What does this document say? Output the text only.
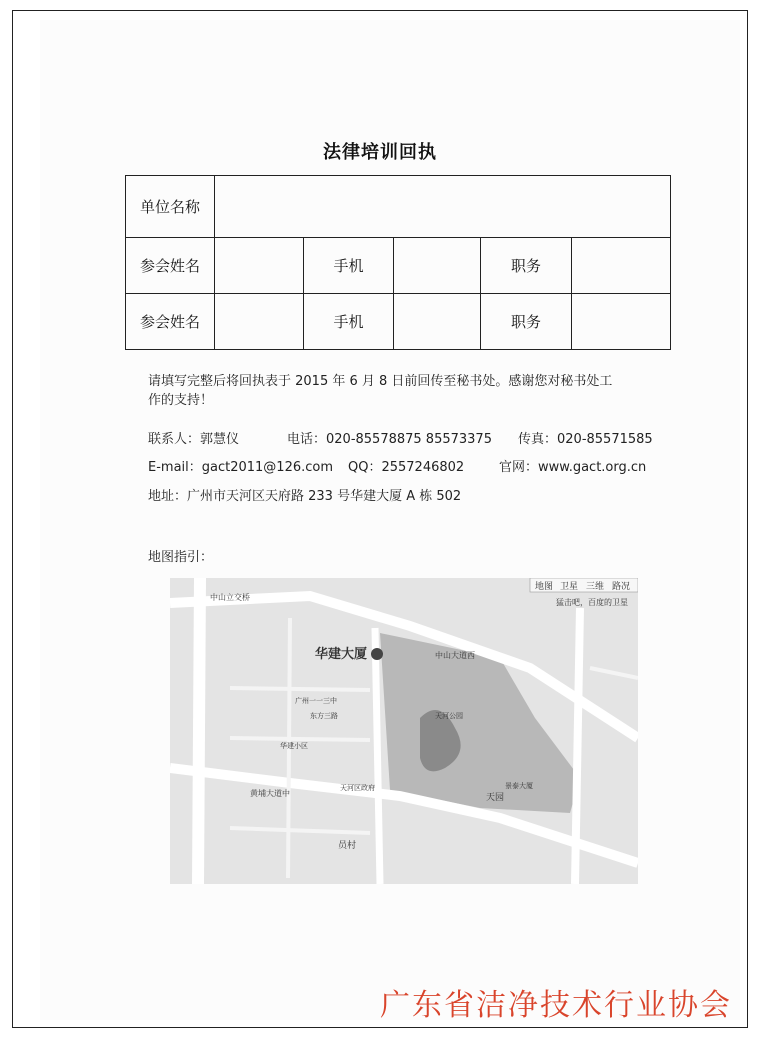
法律培训回执
单位名称					
参会姓名		手机		职务	
参会姓名		手机		职务	
请填写完整后将回执表于 2015 年 6 月 8 日前回传至秘书处。感谢您对秘书处工
作的支持！
联系人：郭慧仪	电话：020-85578875 85573375 传真：020-85571585
E-mail：gact2011@126.com QQ：2557246802	官网：www.gact.org.cn
地址：广州市天河区天府路 233 号华建大厦 A 栋 502
地图指引：
地图 卫星 三维 路况
猛击吧，百度的卫星
华建大厦	中山大道西
黄埔大道中
中山立交桥
天园
员村
华建小区
东方三路
天河区政府
广州一一三中
天河公园
景泰大厦
广东省洁净技术行业协会
